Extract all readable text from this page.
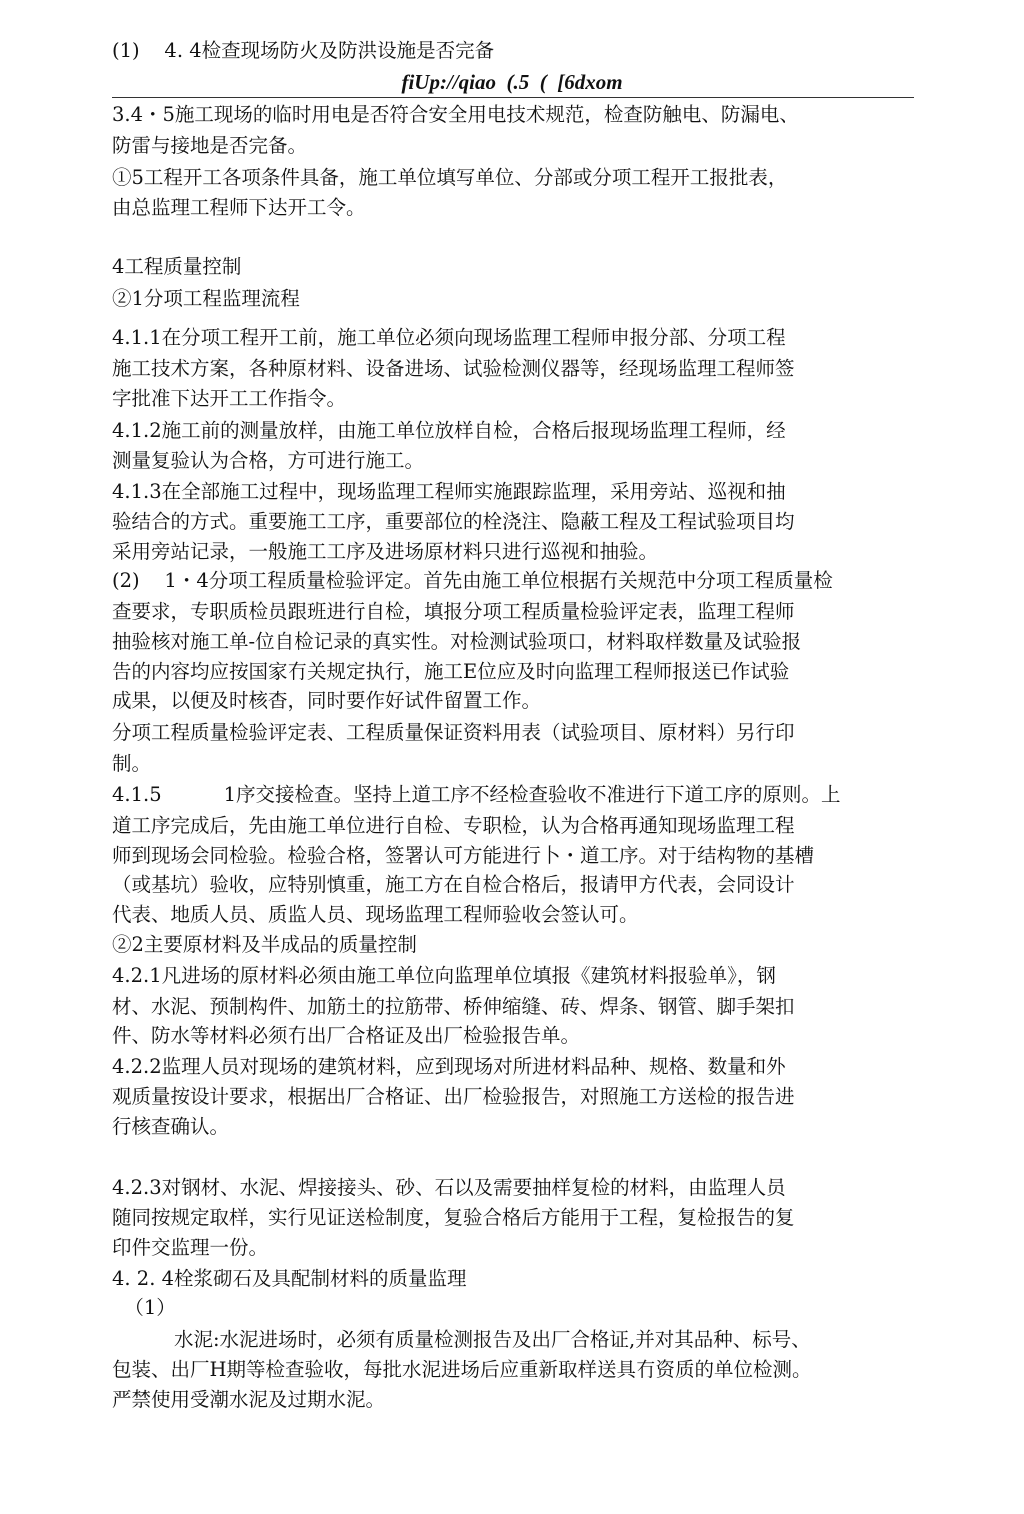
(1)    4. 4检查现场防火及防洪设施是否完备
fiUp://qiao  (.5  (  [6dxom
3.4・5施工现场的临时用电是否符合安全用电技术规范，检查防触电、防漏电、
防雷与接地是否完备。
①5工程开工各项条件具备，施工单位填写单位、分部或分项工程开工报批表，
由总监理工程师下达开工令。
4工程质量控制
②1分项工程监理流程
4.1.1在分项工程开工前，施工单位必须向现场监理工程师申报分部、分项工程
施工技术方案，各种原材料、设备进场、试验检测仪器等，经现场监理工程师签
字批准下达开工工作指令。
4.1.2施工前的测量放样，由施工单位放样自检，合格后报现场监理工程师，经
测量复验认为合格，方可进行施工。
4.1.3在全部施工过程中，现场监理工程师实施跟踪监理，采用旁站、巡视和抽
验结合的方式。重要施工工序，重要部位的栓浇注、隐蔽工程及工程试验项目均
采用旁站记录，一般施工工序及进场原材料只进行巡视和抽验。
(2)    1・4分项工程质量检验评定。首先由施工单位根据冇关规范中分项工程质量检
查要求，专职质检员跟班进行自检，填报分项工程质量检验评定表，监理工程师
抽验核对施工单-位自检记录的真实性。对检测试验项口，材料取样数量及试验报
告的内容均应按国家冇关规定执行，施工E位应及时向监理工程师报送已作试验
成果，以便及时核杳，同时要作好试件留置工作。
分项工程质量检验评定表、工程质量保证资料用表（试验项目、原材料）另行印
制。
4.1.5          1序交接检查。坚持上道工序不经检查验收不准进行下道工序的原则。上
道工序完成后，先由施工单位进行自检、专职检，认为合格再通知现场监理工程
师到现场会同检验。检验合格，签署认可方能进行卜・道工序。对于结构物的基槽
（或基坑）验收，应特别慎重，施工方在自检合格后，报请甲方代表，会同设计
代表、地质人员、质监人员、现场监理工程师验收会签认可。
②2主要原材料及半成品的质量控制
4.2.1凡进场的原材料必须由施工单位向监理单位填报《建筑材料报验单》，钢
材、水泥、预制构件、加筋土的拉筋带、桥伸缩缝、砖、焊条、钢管、脚手架扣
件、防水等材料必须冇出厂合格证及出厂检验报告单。
4.2.2监理人员对现场的建筑材料，应到现场对所进材料品种、规格、数量和外
观质量按设计要求，根据出厂合格证、出厂检验报告，对照施工方送检的报告进
行核查确认。
4.2.3对钢材、水泥、焊接接头、砂、石以及需要抽样复检的材料，由监理人员
随同按规定取样，实行见证送检制度，复验合格后方能用于工程，复检报告的复
印件交监理一份。
4. 2. 4栓浆砌石及具配制材料的质量监理
（1）
水泥:水泥进场时，必须有质量检测报告及出厂合格证,并对其品种、标号、
包装、出厂H期等检查验收，每批水泥进场后应重新取样送具冇资质的单位检测。
严禁使用受潮水泥及过期水泥。
